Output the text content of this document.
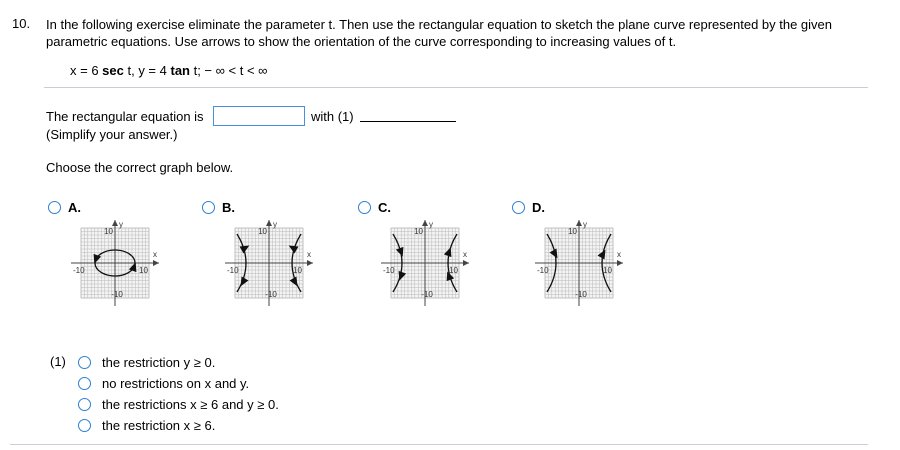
10. In the following exercise eliminate the parameter t. Then use the rectangular equation to sketch the plane curve represented by the given parametric equations. Use arrows to show the orientation of the curve corresponding to increasing values of t.
x = 6 sec t, y = 4 tan t; − ∞ < t < ∞
The rectangular equation is	with (1)
(Simplify your answer.)
Choose the correct graph below.
A.
y
x
10
-10
-10	10
B.
y
x
10
-10
-10	10
C.
y
x
10
-10
-10	10
D.
y
x
10
-10
-10	10
(1)	the restriction y ≥ 0.
no restrictions on x and y.
the restrictions x ≥ 6 and y ≥ 0.
the restriction x ≥ 6.
